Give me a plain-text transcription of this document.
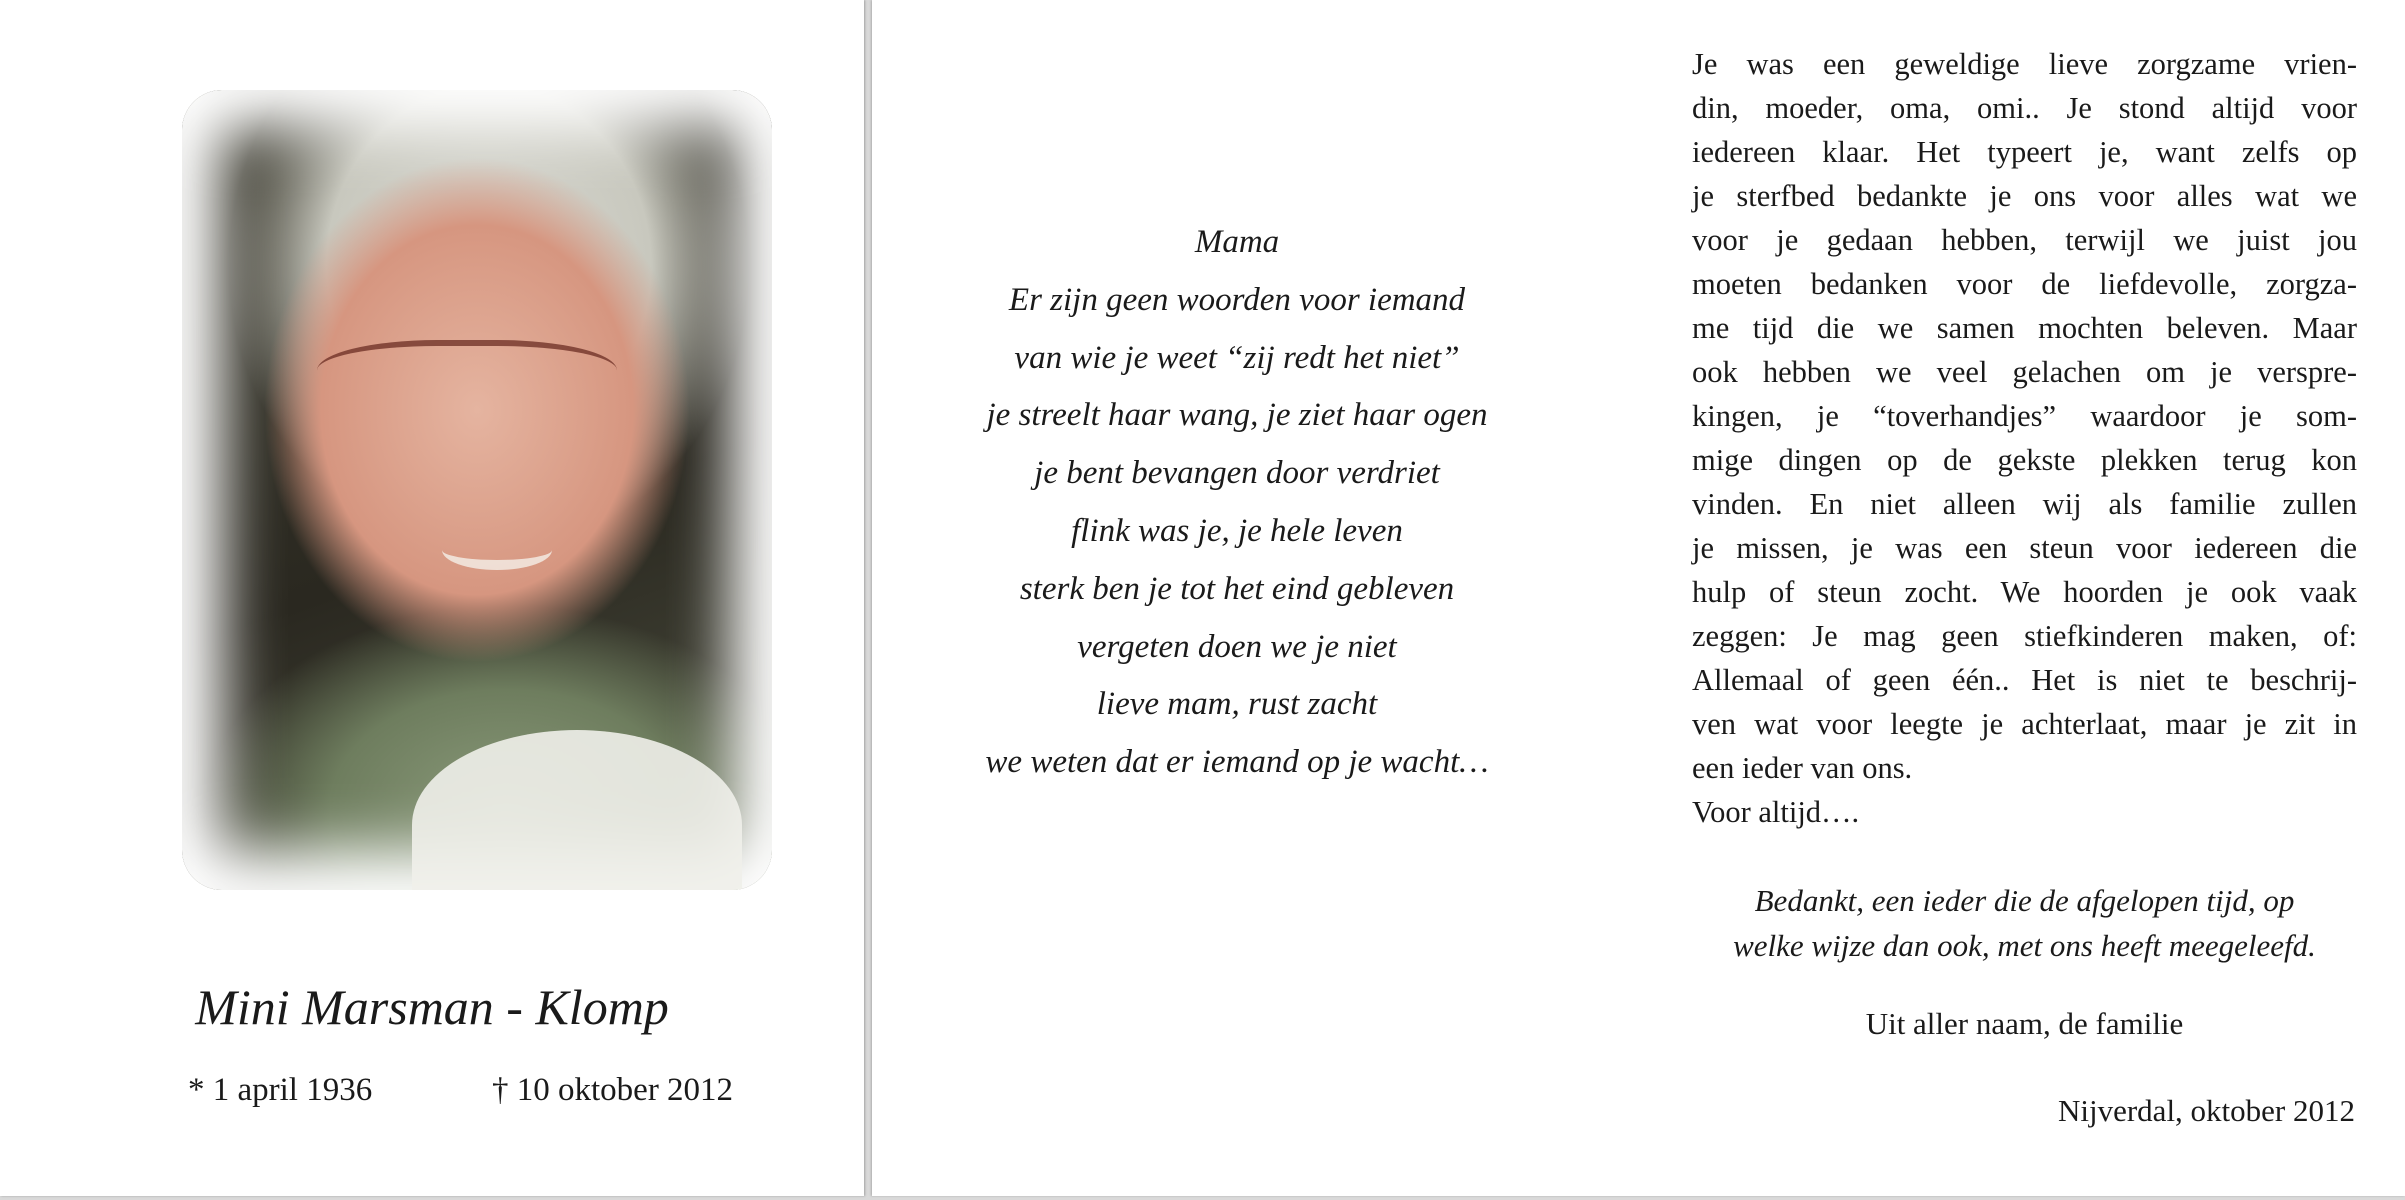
Mini Marsman - Klomp
* 1 april 1936	† 10 oktober 2012
Mama
Er zijn geen woorden voor iemand
van wie je weet “zij redt het niet”
je streelt haar wang, je ziet haar ogen
je bent bevangen door verdriet
flink was je, je hele leven
sterk ben je tot het eind gebleven
vergeten doen we je niet
lieve mam, rust zacht
we weten dat er iemand op je wacht…
Je was een geweldige lieve zorgzame vrien-
din, moeder, oma, omi.. Je stond altijd voor
iedereen klaar. Het typeert je, want zelfs op
je sterfbed bedankte je ons voor alles wat we
voor je gedaan hebben, terwijl we juist jou
moeten bedanken voor de liefdevolle, zorgza-
me tijd die we samen mochten beleven. Maar
ook hebben we veel gelachen om je verspre-
kingen, je “toverhandjes” waardoor je som-
mige dingen op de gekste plekken terug kon
vinden. En niet alleen wij als familie zullen
je missen, je was een steun voor iedereen die
hulp of steun zocht. We hoorden je ook vaak
zeggen: Je mag geen stiefkinderen maken, of:
Allemaal of geen één.. Het is niet te beschrij-
ven wat voor leegte je achterlaat, maar je zit in
een ieder van ons.
Voor altijd….
Bedankt, een ieder die de afgelopen tijd, op
welke wijze dan ook, met ons heeft meegeleefd.
Uit aller naam, de familie
Nijverdal, oktober 2012
